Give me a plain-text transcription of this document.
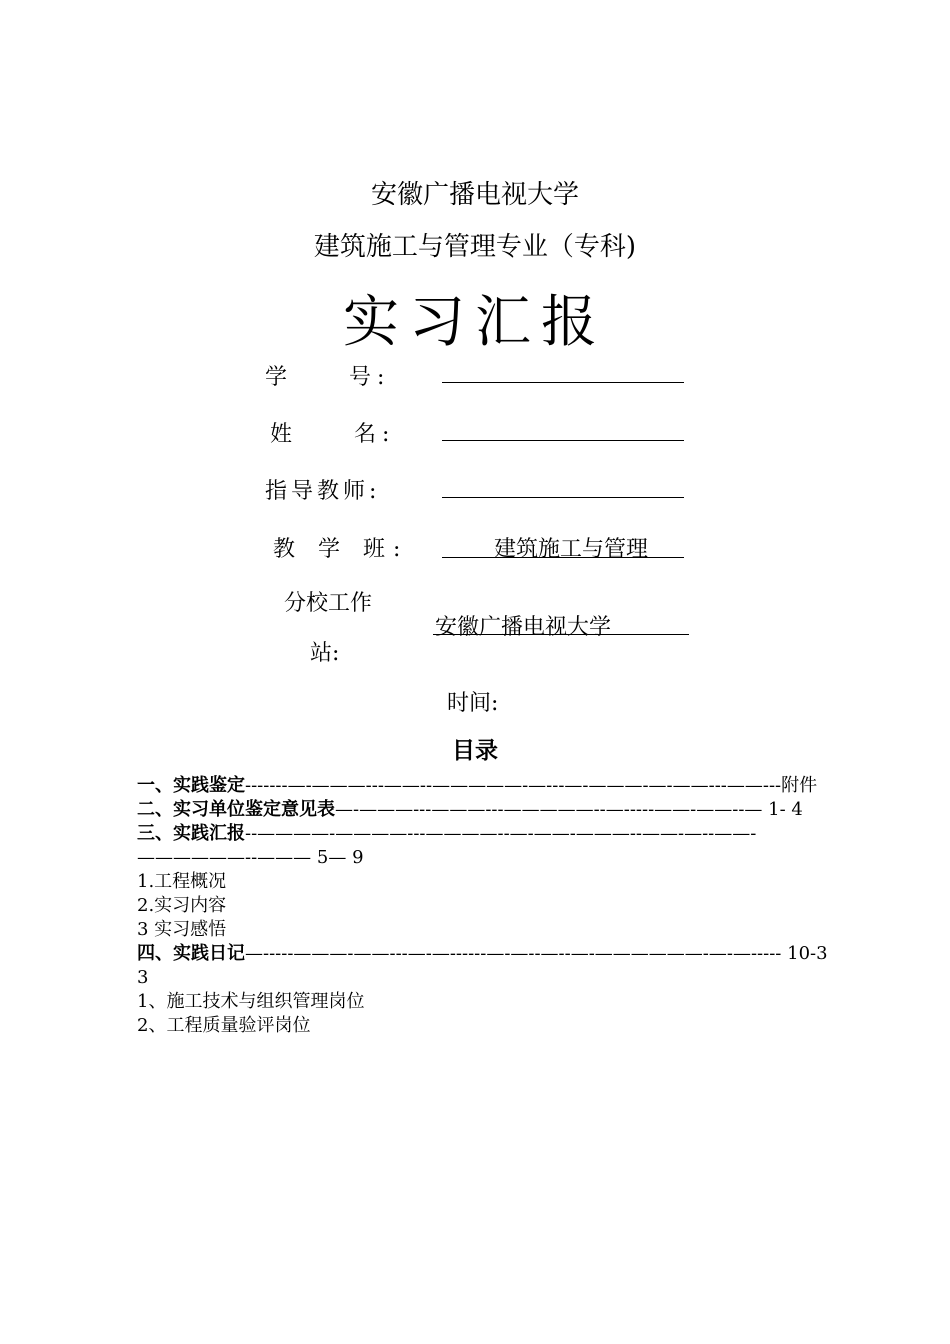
安徽广播电视大学
建筑施工与管理专业（专科)
实习汇报
学　　号:
姓　　名:
指导教师:
教 学 班:	建筑施工与管理
分校工作
站:
安徽广播电视大学
时间:
目录
一、实践鉴定-------—-———---——--—————-—---—-———-—-——---——---附件
二、实习单位鉴定意见表—-———---———---—————--—-----——-——--— 1- 4
三、实践汇报--————-————---————--—-——-———--——-—--——-——————--——— 5— 9
1.工程概况
2.实习内容
3 实习感悟
四、实践日记—-----———-——---—-—------—-—--—--—-——————-—-—----- 10-33
1、施工技术与组织管理岗位
2、工程质量验评岗位
